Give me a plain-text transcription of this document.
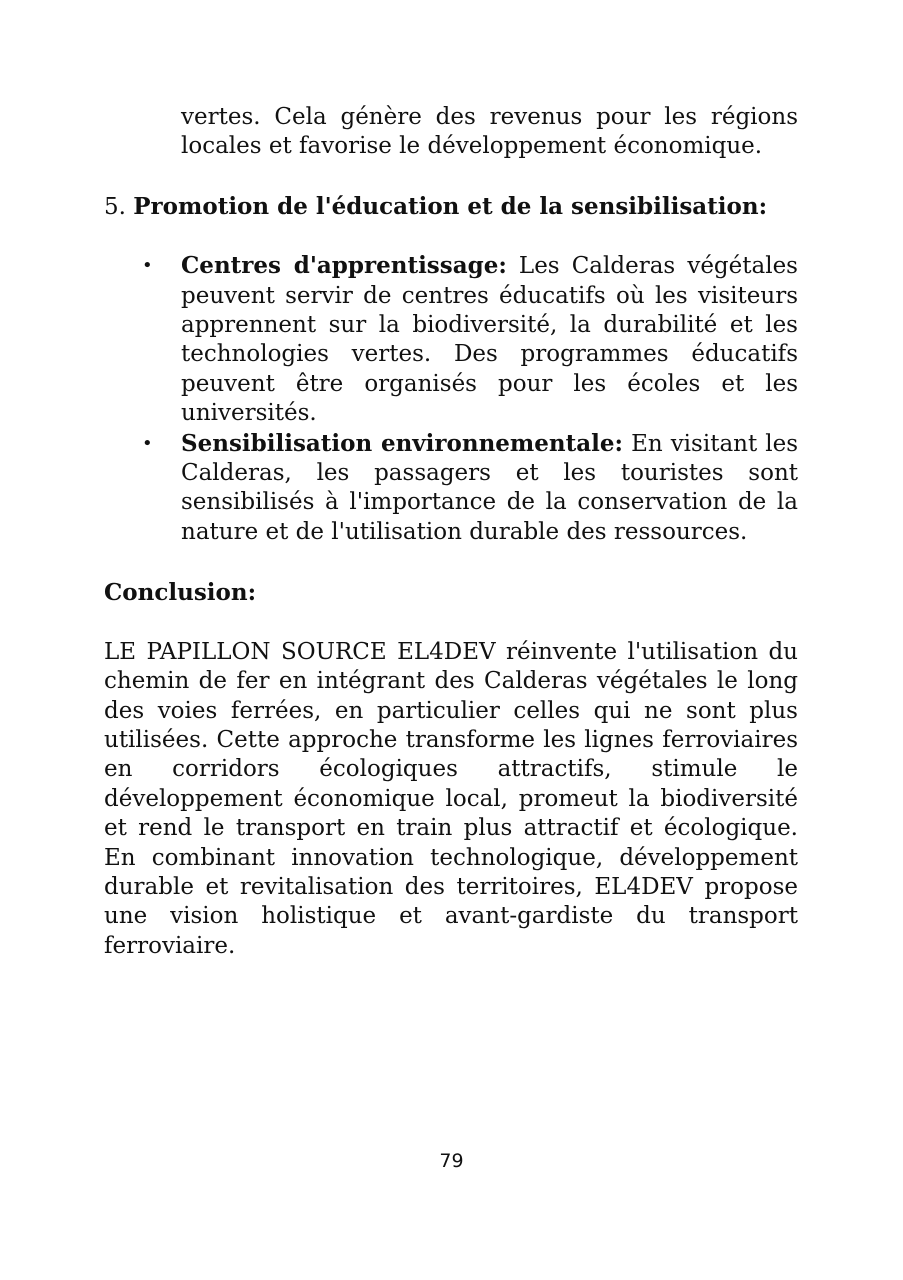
vertes. Cela génère des revenus pour les régions locales et favorise le développement économique.

5. Promotion de l'éducation et de la sensibilisation:

• Centres d'apprentissage: Les Calderas végétales peuvent servir de centres éducatifs où les visiteurs apprennent sur la biodiversité, la durabilité et les technologies vertes. Des programmes éducatifs peuvent être organisés pour les écoles et les universités.
• Sensibilisation environnementale: En visitant les Calderas, les passagers et les touristes sont sensibilisés à l'importance de la conservation de la nature et de l'utilisation durable des ressources.

Conclusion:

LE PAPILLON SOURCE EL4DEV réinvente l'utilisation du chemin de fer en intégrant des Calderas végétales le long des voies ferrées, en particulier celles qui ne sont plus utilisées. Cette approche transforme les lignes ferroviaires en corridors écologiques attractifs, stimule le développement économique local, promeut la biodiversité et rend le transport en train plus attractif et écologique. En combinant innovation technologique, développement durable et revitalisation des territoires, EL4DEV propose une vision holistique et avant-gardiste du transport ferroviaire.

79
